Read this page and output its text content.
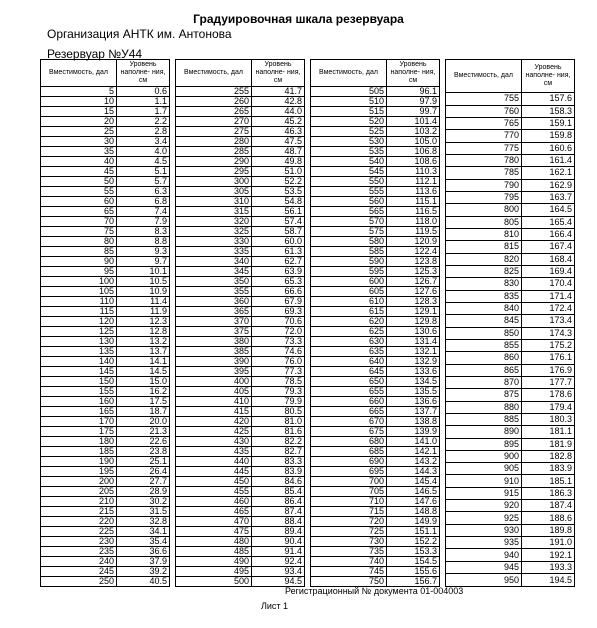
Градуировочная шкала резервуара
Организация АНТК им. Антонова
Резервуар №У44
Вместимость, дал	Уровень наполне- ния, см
5	0.6
10	1.1
15	1.7
20	2.2
25	2.8
30	3.4
35	4.0
40	4.5
45	5.1
50	5.7
55	6.3
60	6.8
65	7.4
70	7.9
75	8.3
80	8.8
85	9.3
90	9.7
95	10.1
100	10.5
105	10.9
110	11.4
115	11.9
120	12.3
125	12.8
130	13.2
135	13.7
140	14.1
145	14.5
150	15.0
155	16.2
160	17.5
165	18.7
170	20.0
175	21.3
180	22.6
185	23.8
190	25.1
195	26.4
200	27.7
205	28.9
210	30.2
215	31.5
220	32.8
225	34.1
230	35.4
235	36.6
240	37.9
245	39.2
250	40.5
Вместимость, дал	Уровень наполне- ния, см
255	41.7
260	42.8
265	44.0
270	45.2
275	46.3
280	47.5
285	48.7
290	49.8
295	51.0
300	52.2
305	53.5
310	54.8
315	56.1
320	57.4
325	58.7
330	60.0
335	61.3
340	62.7
345	63.9
350	65.3
355	66.6
360	67.9
365	69.3
370	70.6
375	72.0
380	73.3
385	74.6
390	76.0
395	77.3
400	78.5
405	79.3
410	79.9
415	80.5
420	81.0
425	81.6
430	82.2
435	82.7
440	83.3
445	83.9
450	84.6
455	85.4
460	86.4
465	87.4
470	88.4
475	89.4
480	90.4
485	91.4
490	92.4
495	93.4
500	94.5
Вместимость, дал	Уровень наполне- ния, см
505	96.1
510	97.9
515	99.7
520	101.4
525	103.2
530	105.0
535	106.8
540	108.6
545	110.3
550	112.1
555	113.6
560	115.1
565	116.5
570	118.0
575	119.5
580	120.9
585	122.4
590	123.8
595	125.3
600	126.7
605	127.6
610	128.3
615	129.1
620	129.8
625	130.6
630	131.4
635	132.1
640	132.9
645	133.6
650	134.5
655	135.5
660	136.6
665	137.7
670	138.8
675	139.9
680	141.0
685	142.1
690	143.2
695	144.3
700	145.4
705	146.5
710	147.6
715	148.8
720	149.9
725	151.1
730	152.2
735	153.3
740	154.5
745	155.6
750	156.7
Вместимость, дал	Уровень наполне- ния, см
755	157.6
760	158.3
765	159.1
770	159.8
775	160.6
780	161.4
785	162.1
790	162.9
795	163.7
800	164.5
805	165.4
810	166.4
815	167.4
820	168.4
825	169.4
830	170.4
835	171.4
840	172.4
845	173.4
850	174.3
855	175.2
860	176.1
865	176.9
870	177.7
875	178.6
880	179.4
885	180.3
890	181.1
895	181.9
900	182.8
905	183.9
910	185.1
915	186.3
920	187.4
925	188.6
930	189.8
935	191.0
940	192.1
945	193.3
950	194.5
Регистрационный № документа 01-004003
Лист 1
